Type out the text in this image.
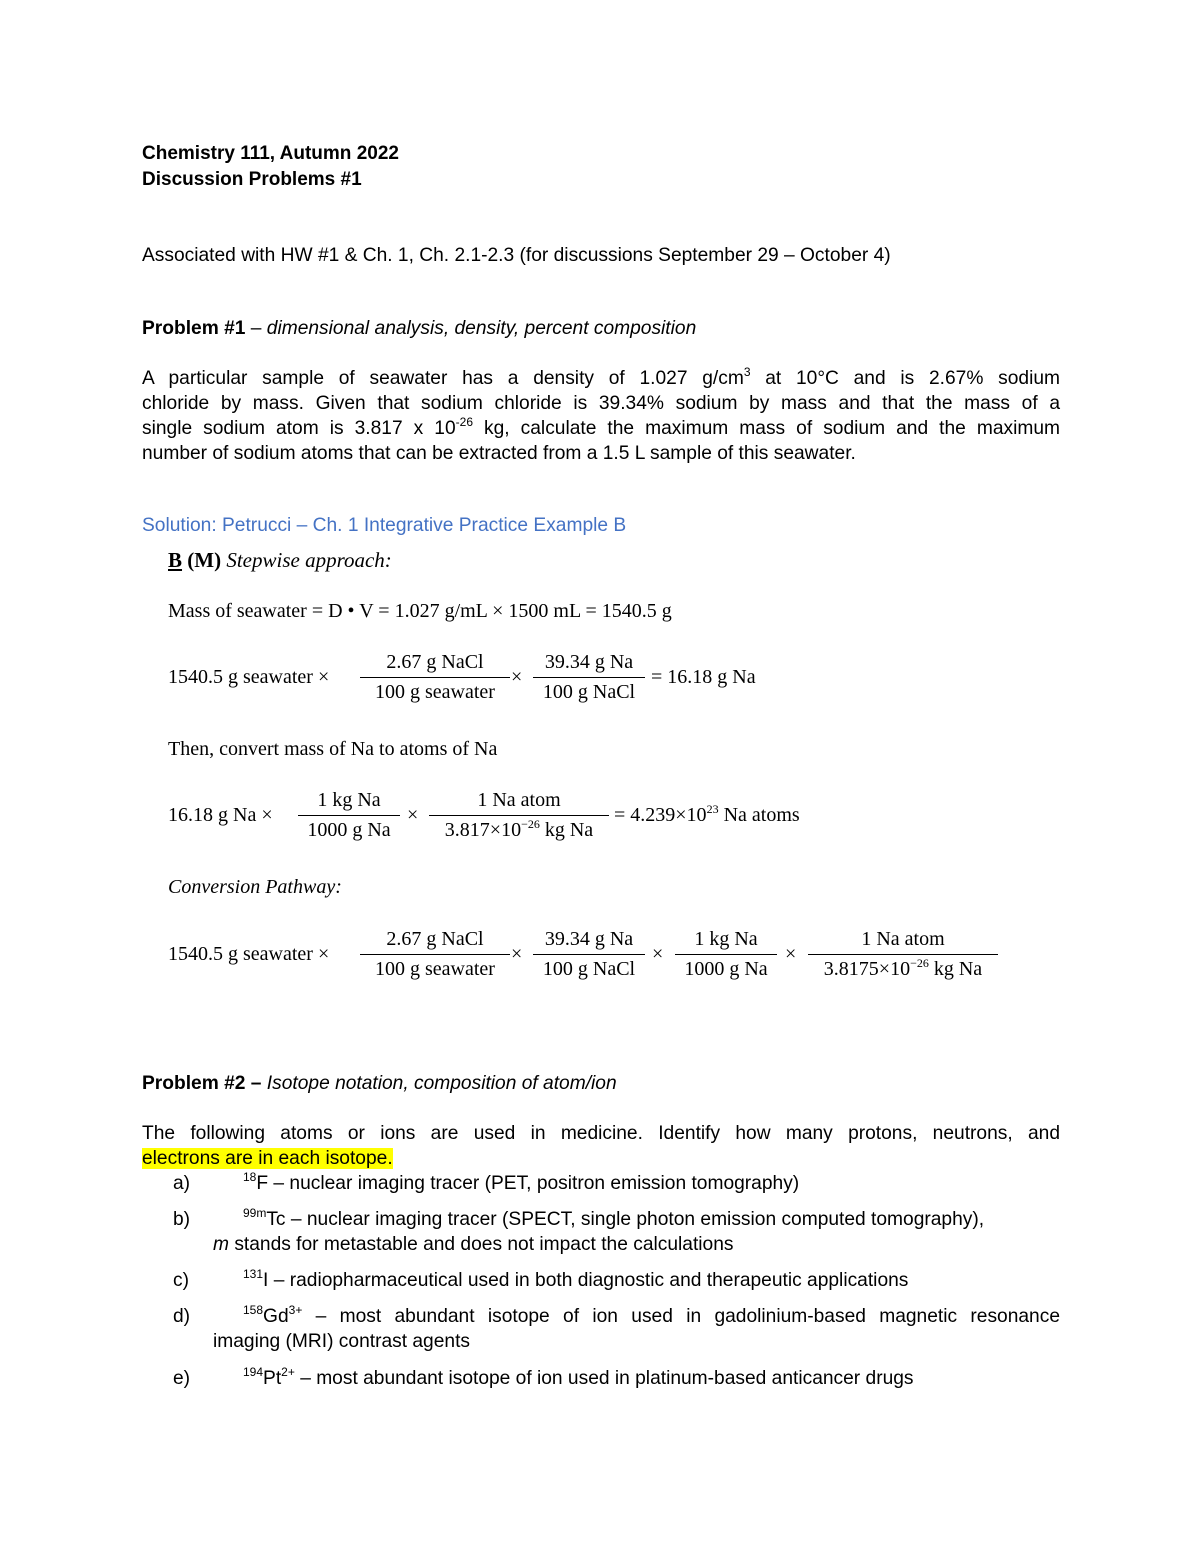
Chemistry 111, Autumn 2022
Discussion Problems #1
Associated with HW #1 & Ch. 1, Ch. 2.1-2.3 (for discussions September 29 – October 4)
Problem #1 – dimensional analysis, density, percent composition
A particular sample of seawater has a density of 1.027 $g/cm^3$ at 10°C and is 2.67% sodium
chloride by mass. Given that sodium chloride is 39.34% sodium by mass and that the mass of a
single sodium atom is 3.817 x $10^{-26}$ kg, calculate the maximum mass of sodium and the maximum
number of sodium atoms that can be extracted from a 1.5 L sample of this seawater.
Solution: Petrucci – Ch. 1 Integrative Practice Example B
B (M) Stepwise approach:
Mass of seawater = D • V = 1.027 g/mL × 1500 mL = 1540.5 g
1540.5 g seawater ×
2.67 g NaCl
100 g seawater
×
39.34 g Na
100 g NaCl
= 16.18 g Na
Then, convert mass of Na to atoms of Na
16.18 g Na ×
1 kg Na
1000 g Na
×
1 Na atom
$3.817\times 10^{-26}$ kg Na
= $4.239\times 10^{23}$ Na atoms
Conversion Pathway:
1540.5 g seawater ×
2.67 g NaCl
100 g seawater
×
39.34 g Na
100 g NaCl
×
1 kg Na
1000 g Na
×
1 Na atom
$3.8175\times 10^{-26}$ kg Na
Problem #2 – Isotope notation, composition of atom/ion
The following atoms or ions are used in medicine. Identify how many protons, neutrons, and
electrons are in each isotope.
a)	$^{18}$F – nuclear imaging tracer (PET, positron emission tomography)
b)	$^{99m}$Tc – nuclear imaging tracer (SPECT, single photon emission computed tomography),
m stands for metastable and does not impact the calculations
c)	$^{131}$I – radiopharmaceutical used in both diagnostic and therapeutic applications
d)	$^{158}Gd^{3+}$ – most abundant isotope of ion used in gadolinium-based magnetic resonance
imaging (MRI) contrast agents
e)	$^{194}Pt^{2+}$ – most abundant isotope of ion used in platinum-based anticancer drugs
